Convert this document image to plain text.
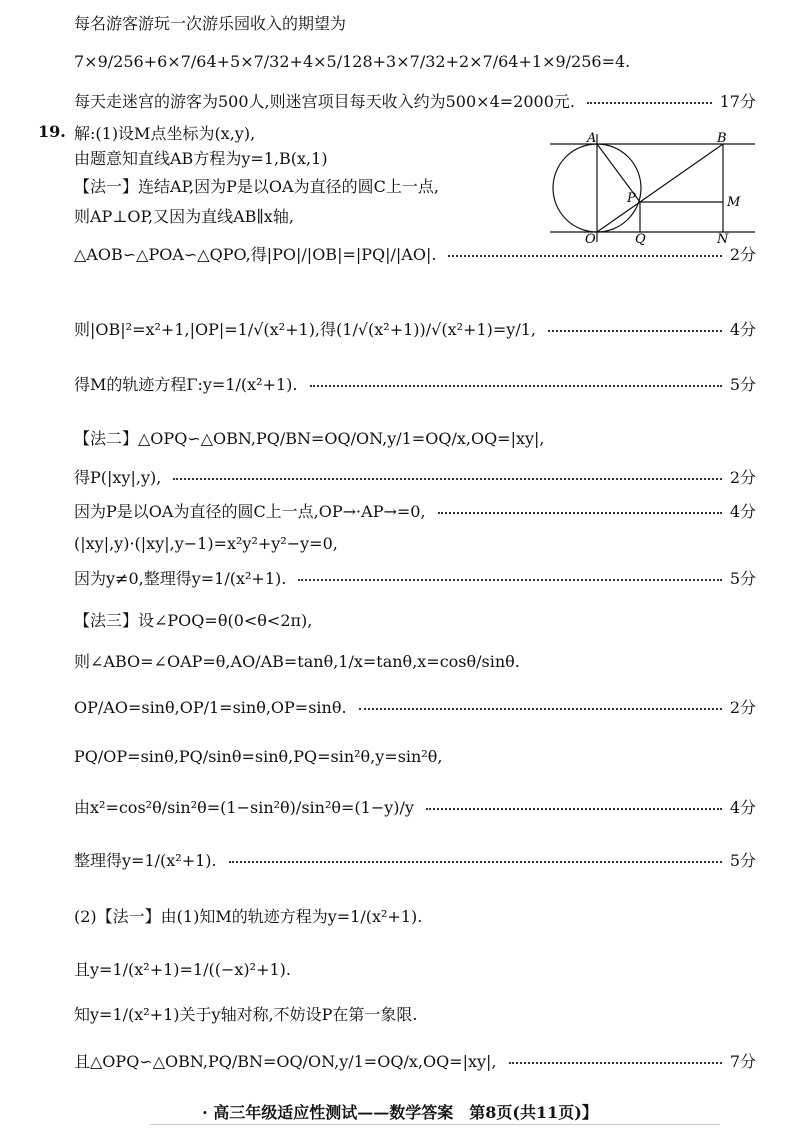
每名游客游玩一次游乐园收入的期望为
7×9/256+6×7/64+5×7/32+4×5/128+3×7/32+2×7/64+1×9/256=4.
每天走迷宫的游客为500人,则迷宫项目每天收入约为500×4=2000元.	17分
解:(1)设M点坐标为(x,y),
由题意知直线AB方程为y=1,B(x,1)
【法一】连结AP,因为P是以OA为直径的圆C上一点,
则AP⊥OP,又因为直线AB∥x轴,
△AOB∽△POA∽△QPO,得|PO|/|OB|=|PQ|/|AO|.	2分
则|OB|²=x²+1,|OP|=1/√(x²+1),得(1/√(x²+1))/√(x²+1)=y/1,	4分
得M的轨迹方程Γ:y=1/(x²+1).	5分
【法二】△OPQ∽△OBN,PQ/BN=OQ/ON,y/1=OQ/x,OQ=|xy|,
得P(|xy|,y),	2分
因为P是以OA为直径的圆C上一点,OP→·AP→=0,	4分
(|xy|,y)·(|xy|,y−1)=x²y²+y²−y=0,
因为y≠0,整理得y=1/(x²+1).	5分
【法三】设∠POQ=θ(0<θ<2π),
则∠ABO=∠OAP=θ,AO/AB=tanθ,1/x=tanθ,x=cosθ/sinθ.
OP/AO=sinθ,OP/1=sinθ,OP=sinθ.	2分
PQ/OP=sinθ,PQ/sinθ=sinθ,PQ=sin²θ,y=sin²θ,
由x²=cos²θ/sin²θ=(1−sin²θ)/sin²θ=(1−y)/y	4分
整理得y=1/(x²+1).	5分
(2)【法一】由(1)知M的轨迹方程为y=1/(x²+1).
且y=1/(x²+1)=1/((−x)²+1).
知y=1/(x²+1)关于y轴对称,不妨设P在第一象限.
且△OPQ∽△OBN,PQ/BN=OQ/ON,y/1=OQ/x,OQ=|xy|,	7分
19.	A	B
M
P
O	Q	N
· 高三年级适应性测试——数学答案　第8页(共11页)】
